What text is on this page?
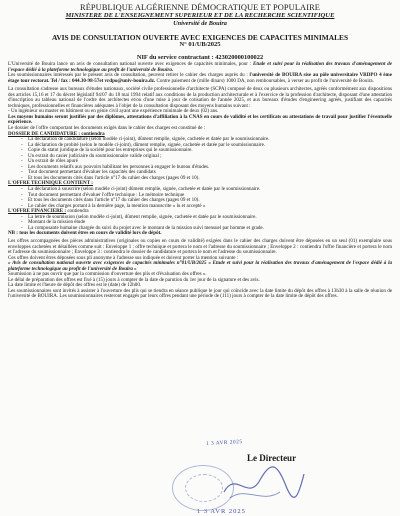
RÉPUBLIQUE ALGÉRIENNE DÉMOCRATIQUE ET POPULAIRE
MINISTERE DE L'ENSEIGNEMENT SUPERIEUR ET DE LA RECHERCHE SCIENTIFIQUE
Université de Bouira
AVIS DE CONSULTATION OUVERTE AVEC EXIGENCES DE CAPACITES MINIMALES
N° 01/UB/2025
NIF du service contractant : 423020000100022

L'Université de Bouira lance un avis de consultation national ouverte avec exigences de capacités minimales, pour : Etude et suivi pour la réalisation des travaux d'aménagement de l'espace dédié à la plateforme technologique au profit de l'université de Bouira.

Les soumissionnaires intéressés par le présent avis de consultation, peuvent retirer le cahier des charges auprès du : l'université de BOUIRA sise au pôle universitaire VRDPO 4 ème étage tour rectorat. Tel / fax : 044.30-98-57et vrdpo@univ-bouira.dz. Contre paiement de (mille dinars) 1000 DA, non remboursables, à verser au profit de l'université de Bouira.

La consultation s'adresse aux bureaux d'études nationaux, société civile professionnelle d'architecte (SCPA) composé de deux ou plusieurs architectes, agréés conformément aux dispositions des articles 15,16 et 17 du décret législatif 94/07 du 18 mai 1994 relatif aux conditions de la production architecturale et à l'exercice de la profession d'architecte, disposant d'une attestation d'inscription au tableau national de l'ordre des architectes et/ou d'une mise à jour de cotisation de l'année 2025, et aux bureaux d'études d'engineering agréés, justifiant des capacités techniques, professionnelles et financières adéquates à l'objet de la consultation disposant des moyens humains suivant :

- Un ingénieur ou master en bâtiment ou en génie civil ayant une expérience minimale de deux (02) ans.

Les moyens humains seront justifiés par des diplômes, attestations d'affiliation à la CNAS en cours de validité et les certificats ou attestations de travail pour justifier l'éventuelle expérience.

Le dossier de l'offre comportant les documents exigés dans le cahier des charges est constitué de :

DOSSIER DE CANDIDATURE : contiendra

- La déclaration de candidature (selon modèle ci-joint), dûment remplie, signée, cachetée et datée par le soumissionnaire.
- La déclaration de probité (selon le modèle ci-joint), dûment remplie, signée, cachetée et datée par le soumissionnaire.
- Copie du statut juridique de la société pour les entreprises qui le soumissionnaire.
- Un extrait du casier judiciaire du soumissionnaire valide original ;
- Un extrait de rôles apuré
- Les documents relatifs aux pouvoirs habilitant les personnes à engager le bureau d'études.
- Tout document permettant d'évaluer les capacités des candidats
- Et tous les documents cités dans l'article n°17 du cahier des charges (pages 09 et 10).

L'OFFRE TECHNIQUE CONTIENT :

- La déclaration à souscrire (selon modèle ci-joint) dûment remplie, signée, cachetée et datée par le soumissionnaire.
- Tout document permettant d'évaluer l'offre technique : Le mémoire technique
- Et tous les documents cités dans l'article n°17 du cahier des charges (pages 09 et 10).
- Le cahier des charges portant à la dernière page, la mention manuscrite « lu et accepté »

L'OFFRE FINANCIERE : contiendra

- La lettre de soumission (selon modèle ci-joint), dûment remplie, signée, cachetée et datée par le soumissionnaire.
- Montant de la mission étude
- La composante humaine chargée du suivi du projet avec le montant de la mission suivi mensuel par homme et grade.

NB : tous les documents doivent êtres en cours de validité lors de dépôt.

Les offres accompagnées des pièces administratives (originales ou copies en cours de validité) exigées dans le cahier des charges doivent être déposées en un seul (01) exemplaire sous enveloppes cachetées et détaillées comme suit : Enveloppe 1 : offre technique et portera le nom et l'adresse du soumissionnaire ; Enveloppe 2 : contiendra l'offre financière et portera le nom et l'adresse du soumissionnaire ; Enveloppe 3 : contiendra le dossier de candidature et portera le nom et l'adresse du soumissionnaire.

Ces offres doivent êtres déposées sous pli anonyme à l'adresse sus indiquée et doivent porter la mention suivante :

« Avis de consultation national ouverte avec exigences de capacités minimales n°01/UB/2025 « Etude et suivi pour la réalisation des travaux d'aménagement de l'espace dédié à la plateforme technologique au profit de l'université de Bouira »

Soumission à ne pas ouvrir que par la commission d'ouverture des plis et d'évaluation des offres ».

Le délai de préparation des offres est fixé à (15) jours à compter de la date de parution du 1er jour de la signature et des avis.

La date limite et l'heure de dépôt des offres est le (date) de 12h00.

Les soumissionnaires sont invités à assister à l'ouverture des plis qui se tiendra en séance publique le jour qui coïncide avec la date limite du dépôt des offres à 13h30 à la salle de réunion de l'université de BOUIRA. Les soumissionnaires resteront engagés par leurs offres pendant une période de (111) jours à compter de la date limite de dépôt des offres.

1 3 AVR 2025
Le Directeur
1 3 AVR 2025
